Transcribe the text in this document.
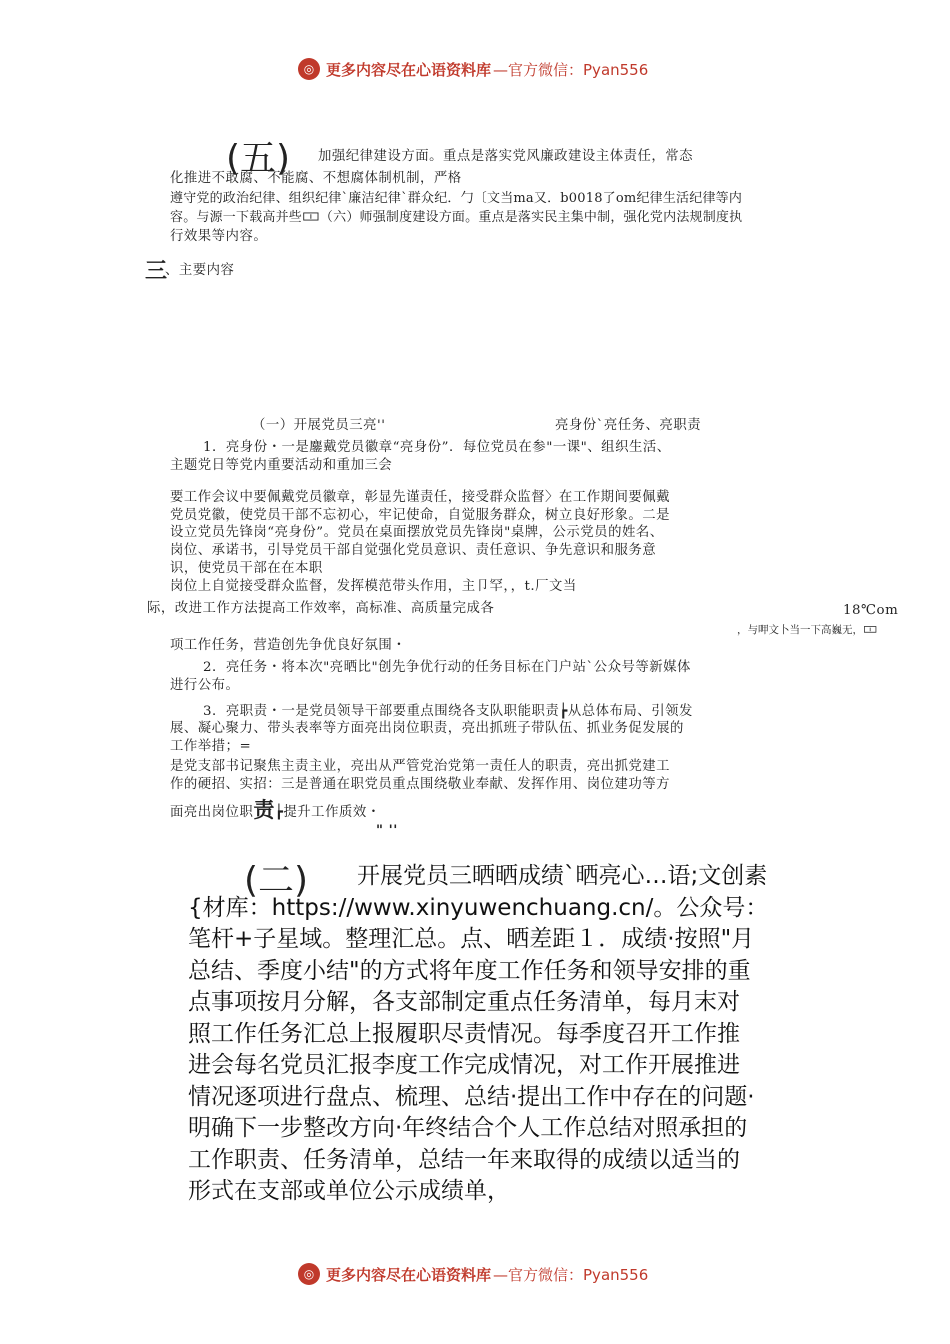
◎ 更多内容尽在心语资料库 —官方微信：Pyan556
(五) 加强纪律建设方面。重点是落实党风廉政建设主体责任，常态
化推进不敢腐、不能腐、不想腐体制机制，严格
遵守党的政治纪律、组织纪律`廉洁纪律`群众纪．勹〔文当ma又．b0018了om纪律生活纪律等内
容。与源一下载高并些🀱（六）师强制度建设方面。重点是落实民主集中制，强化党内法规制度执
行效果等内容。
三
、主要内容
（一）开展党员三亮''	亮身份`亮任务、亮职责
1．亮身份・一是鏖戴党员徽章“亮身份”．每位党员在参"一课"、组织生活、
主题党日等党内重要活动和重加三会
要工作会议中要佩戴党员徽章，彰显先谨责任，接受群众监督〉在工作期间要佩戴
党员党徽，使党员干部不忘初心，牢记使命，自觉服务群众，树立良好形象。二是
设立党员先锋岗“亮身份”。党员在桌面摆放党员先锋岗"桌牌，公示党员的姓名、
岗位、承诺书，引导党员干部自觉强化党员意识、责任意识、争先意识和服务意
识，使党员干部在在本职
岗位上自觉接受群众监督，发挥模范带头作用，主卩罕，，t.厂文当
际，改进工作方法提高工作效率，高标准、高质量完成各	18℃om
，与呷文卜当一下高巍无，🀱
项工作任务，营造创先争优良好氛围・
2．亮任务・将本次"亮晒比"创先争优行动的任务目标在门户站`公众号等新媒体
进行公布。
3．亮职责・一是党员领导干部要重点围绕各支队职能职责┢从总体布局、引领发
展、凝心聚力、带头表率等方面亮出岗位职责，亮出抓班子带队伍、抓业务促发展的
工作举措；=
是党支部书记聚焦主责主业，亮出从严管党治党第一责任人的职责，亮出抓党建工
作的硬招、实招：三是普通在职党员重点围绕敬业奉献、发挥作用、岗位建功等方
面亮出岗位职 责 ┢提升工作质效・
" ''
(二) 开展党员三晒晒成绩`晒亮心…语;文创素
{材库：https://www.xinyuwenchuang.cn/。公众号：
笔杆+子星域。整理汇总。点、晒差距１．成绩·按照"月
总结、季度小结"的方式将年度工作任务和领导安排的重
点事项按月分解，各支部制定重点任务清单，每月末对
照工作任务汇总上报履职尽责情况。每季度召开工作推
进会每名党员汇报李度工作完成情况，对工作开展推进
情况逐项进行盘点、梳理、总结·提出工作中存在的问题·
明确下一步整改方向·年终结合个人工作总结对照承担的
工作职责、任务清单，总结一年来取得的成绩以适当的
形式在支部或单位公示成绩单，
◎ 更多内容尽在心语资料库 —官方微信：Pyan556
